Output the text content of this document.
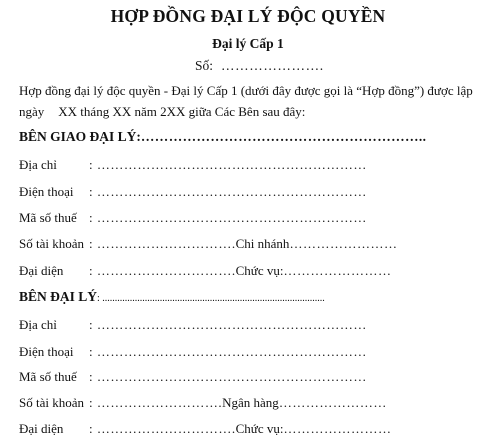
HỢP ĐỒNG ĐẠI LÝ ĐỘC QUYỀN
Đại lý Cấp 1
Số: ………………….
Hợp đồng đại lý độc quyền - Đại lý Cấp 1 (dưới đây được gọi là “Hợp đồng”) được lập
ngày XX tháng XX năm 2XX giữa Các Bên sau đây:
BÊN GIAO ĐẠI LÝ:……………………………………………………..
Địa chỉ : ……………………………………………………
Điện thoại : ……………………………………………………
Mã số thuế : ……………………………………………………
Số tài khoản : ………………………….Chi nhánh……………………
Đại diện : ………………………….Chức vụ:……………………
BÊN ĐẠI LÝ: .........................................................................................
Địa chỉ : ……………………………………………………
Điện thoại : ……………………………………………………
Mã số thuế : ……………………………………………………
Số tài khoản : ……………………….Ngân hàng……………………
Đại diện : ………………………….Chức vụ:……………………
